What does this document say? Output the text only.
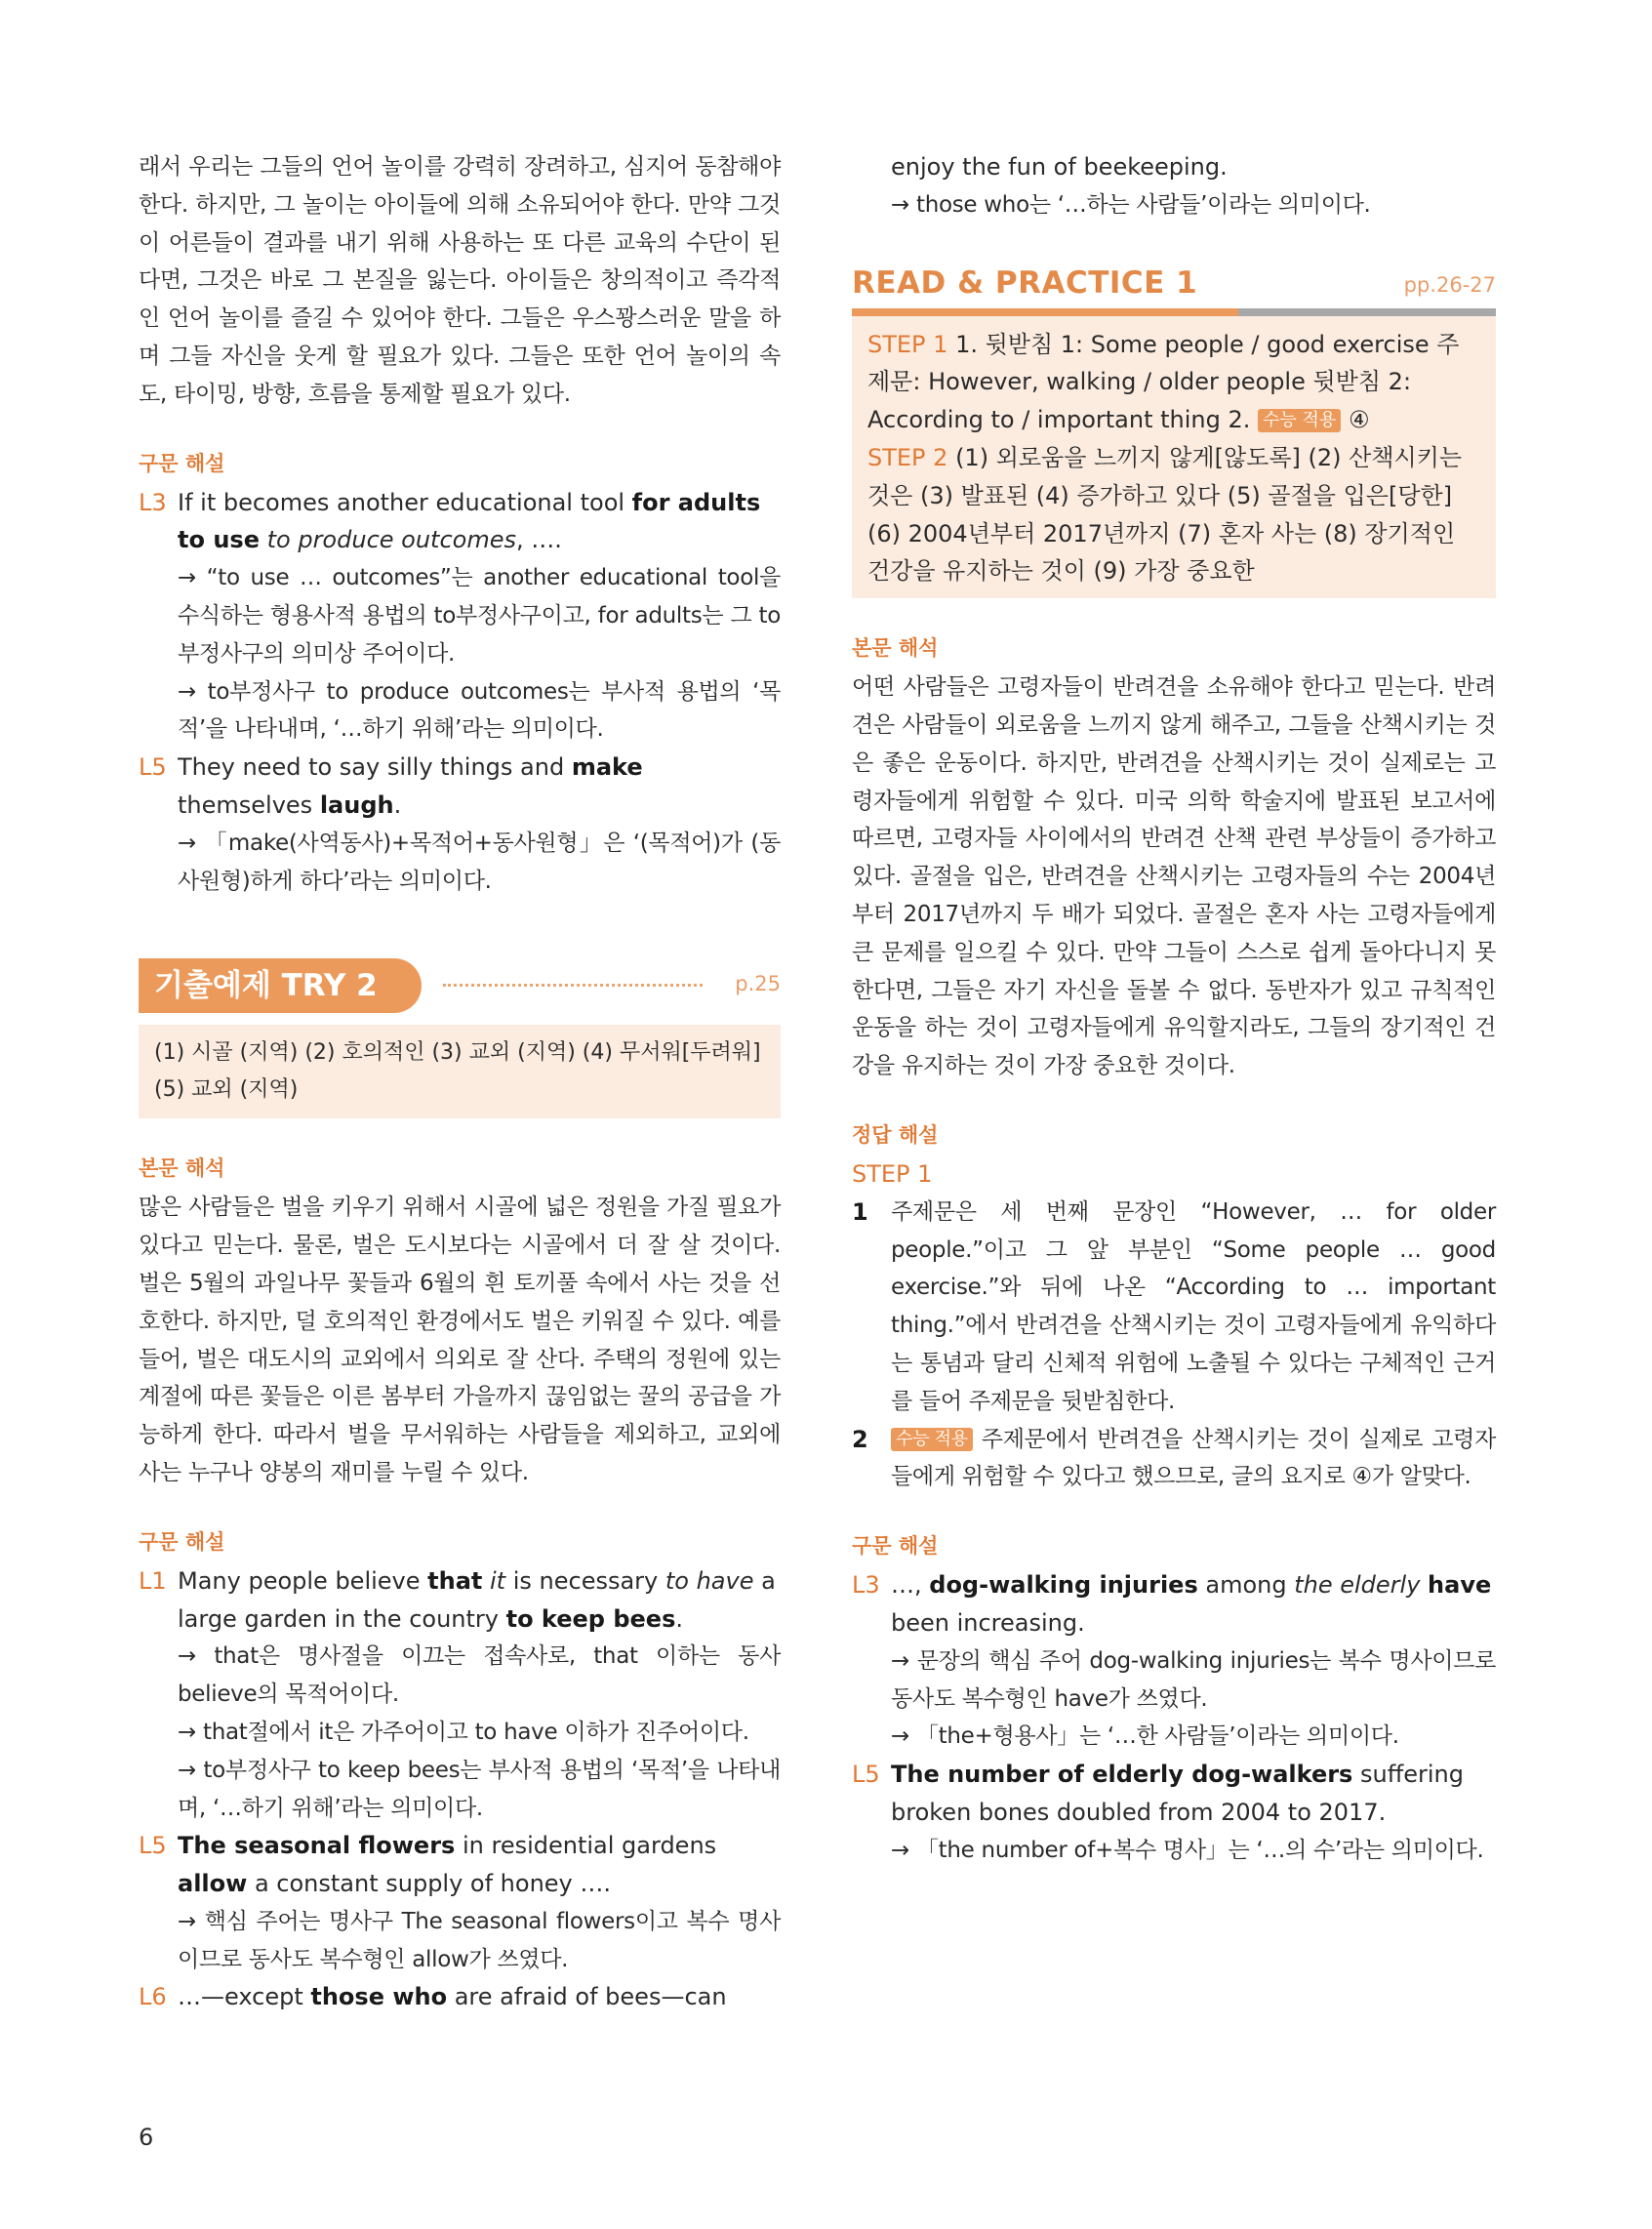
래서 우리는 그들의 언어 놀이를 강력히 장려하고, 심지어 동참해야 한다. 하지만, 그 놀이는 아이들에 의해 소유되어야 한다. 만약 그것이 어른들이 결과를 내기 위해 사용하는 또 다른 교육의 수단이 된다면, 그것은 바로 그 본질을 잃는다. 아이들은 창의적이고 즉각적인 언어 놀이를 즐길 수 있어야 한다. 그들은 우스꽝스러운 말을 하며 그들 자신을 웃게 할 필요가 있다. 그들은 또한 언어 놀이의 속도, 타이밍, 방향, 흐름을 통제할 필요가 있다.

구문 해설
L3 If it becomes another educational tool for adults to use to produce outcomes, ….
→ “to use … outcomes”는 another educational tool을 수식하는 형용사적 용법의 to부정사구이고, for adults는 그 to부정사구의 의미상 주어이다.
→ to부정사구 to produce outcomes는 부사적 용법의 ‘목적’을 나타내며, ‘…하기 위해’라는 의미이다.
L5 They need to say silly things and make themselves laugh.
→ 「make(사역동사)+목적어+동사원형」은 ‘(목적어)가 (동사원형)하게 하다’라는 의미이다.
기출예제 TRY 2	p.25
(1) 시골 (지역) (2) 호의적인 (3) 교외 (지역) (4) 무서워[두려워] (5) 교외 (지역)
본문 해석

많은 사람들은 벌을 키우기 위해서 시골에 넓은 정원을 가질 필요가 있다고 믿는다. 물론, 벌은 도시보다는 시골에서 더 잘 살 것이다. 벌은 5월의 과일나무 꽃들과 6월의 흰 토끼풀 속에서 사는 것을 선호한다. 하지만, 덜 호의적인 환경에서도 벌은 키워질 수 있다. 예를 들어, 벌은 대도시의 교외에서 의외로 잘 산다. 주택의 정원에 있는 계절에 따른 꽃들은 이른 봄부터 가을까지 끊임없는 꿀의 공급을 가능하게 한다. 따라서 벌을 무서워하는 사람들을 제외하고, 교외에 사는 누구나 양봉의 재미를 누릴 수 있다.

구문 해설
L1 Many people believe that it is necessary to have a large garden in the country to keep bees.
→ that은 명사절을 이끄는 접속사로, that 이하는 동사 believe의 목적어이다.
→ that절에서 it은 가주어이고 to have 이하가 진주어이다.
→ to부정사구 to keep bees는 부사적 용법의 ‘목적’을 나타내며, ‘…하기 위해’라는 의미이다.
L5 The seasonal flowers in residential gardens allow a constant supply of honey ….
→ 핵심 주어는 명사구 The seasonal flowers이고 복수 명사이므로 동사도 복수형인 allow가 쓰였다.
L6 …—except those who are afraid of bees—can
enjoy the fun of beekeeping.
→ those who는 ‘…하는 사람들’이라는 의미이다.
READ & PRACTICE 1	pp.26-27
STEP 1 1. 뒷받침 1: Some people / good exercise 주제문: However, walking / older people 뒷받침 2: According to / important thing 2. 수능 적용 ④
STEP 2 (1) 외로움을 느끼지 않게[않도록] (2) 산책시키는 것은 (3) 발표된 (4) 증가하고 있다 (5) 골절을 입은[당한] (6) 2004년부터 2017년까지 (7) 혼자 사는 (8) 장기적인 건강을 유지하는 것이 (9) 가장 중요한
본문 해석

어떤 사람들은 고령자들이 반려견을 소유해야 한다고 믿는다. 반려견은 사람들이 외로움을 느끼지 않게 해주고, 그들을 산책시키는 것은 좋은 운동이다. 하지만, 반려견을 산책시키는 것이 실제로는 고령자들에게 위험할 수 있다. 미국 의학 학술지에 발표된 보고서에 따르면, 고령자들 사이에서의 반려견 산책 관련 부상들이 증가하고 있다. 골절을 입은, 반려견을 산책시키는 고령자들의 수는 2004년부터 2017년까지 두 배가 되었다. 골절은 혼자 사는 고령자들에게 큰 문제를 일으킬 수 있다. 만약 그들이 스스로 쉽게 돌아다니지 못한다면, 그들은 자기 자신을 돌볼 수 없다. 동반자가 있고 규칙적인 운동을 하는 것이 고령자들에게 유익할지라도, 그들의 장기적인 건강을 유지하는 것이 가장 중요한 것이다.

정답 해설
STEP 1
1	주제문은 세 번째 문장인 “However, … for older people.”이고 그 앞 부분인 “Some people … good exercise.”와 뒤에 나온 “According to … important thing.”에서 반려견을 산책시키는 것이 고령자들에게 유익하다는 통념과 달리 신체적 위험에 노출될 수 있다는 구체적인 근거를 들어 주제문을 뒷받침한다.
2	수능 적용 주제문에서 반려견을 산책시키는 것이 실제로 고령자들에게 위험할 수 있다고 했으므로, 글의 요지로 ④가 알맞다.
구문 해설
L3 …, dog-walking injuries among the elderly have been increasing.
→ 문장의 핵심 주어 dog-walking injuries는 복수 명사이므로 동사도 복수형인 have가 쓰였다.
→ 「the+형용사」는 ‘…한 사람들’이라는 의미이다.
L5 The number of elderly dog-walkers suffering broken bones doubled from 2004 to 2017.
→ 「the number of+복수 명사」는 ‘…의 수’라는 의미이다.
6
